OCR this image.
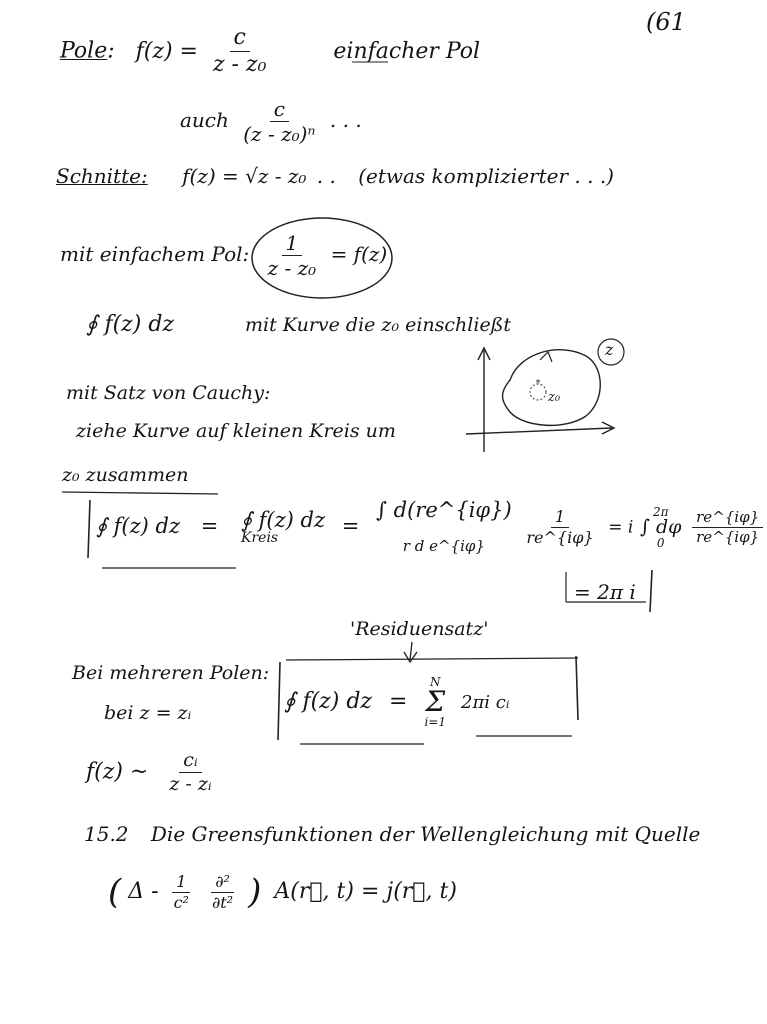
(61
Pole: $f(z) = \frac{c}{\text{z - z₀}}$	einfacher Pol
auch $\frac{c}{\text{(z - z₀)ⁿ}}$ . . .
Schnitte: f(z) = √z - z₀ . . (etwas komplizierter . . .)
mit einfachem Pol: $\frac{1}{\text{z - z₀}} = f(z)$
∮ f(z) dz	mit Kurve die z₀ einschließt
mit Satz von Cauchy:
ziehe Kurve auf kleinen Kreis um
z₀ zusammen
∮ f(z) dz = ∮ f(z) dz
Kreis	=
∫ d(re^{iφ})
r d e^{iφ}
$\frac{1}{re\^{}\{i\varphi\}} = i$
2π
∫ dφ
0
$\frac{re\^{}\{i\varphi\}}{re\^{}\{i\varphi\}}$
= 2π i
'Residuensatz'
Bei mehreren Polen:
∮ f(z) dz =
N
Σ
i=1
2πi cᵢ
bei z = zᵢ
f(z) ~ $\frac{\text{cᵢ}}{\text{z - zᵢ}}$
15.2 Die Greensfunktionen der Wellengleichung mit Quelle
( Δ - $\frac{1}{\text{c²}}$
$\frac{\text{∂²}}{\text{∂t²}}$ ) A(r⃗, t) = j(r⃗, t)
*
z
z₀
